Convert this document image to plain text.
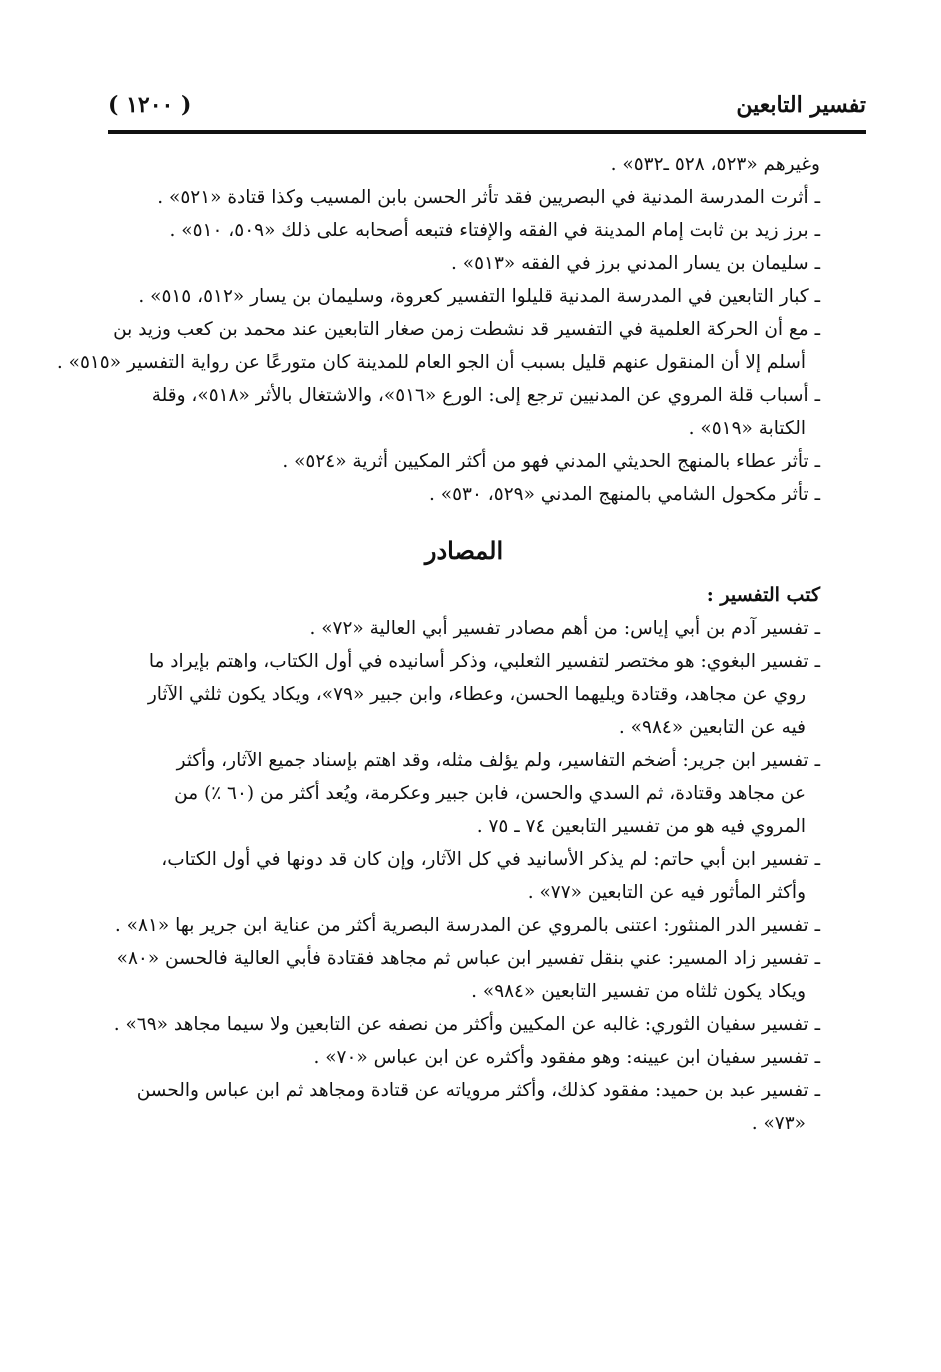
تفسير التابعين
( ١٢٠٠ )
وغيرهم «٥٢٣، ٥٢٨ ـ٥٣٢» .
ـ أثرت المدرسة المدنية في البصريين فقد تأثر الحسن بابن المسيب وكذا قتادة «٥٢١» .
ـ برز زيد بن ثابت إمام المدينة في الفقه والإفتاء فتبعه أصحابه على ذلك «٥٠٩، ٥١٠» .
ـ سليمان بن يسار المدني برز في الفقه «٥١٣» .
ـ كبار التابعين في المدرسة المدنية قليلوا التفسير كعروة، وسليمان بن يسار «٥١٢، ٥١٥» .
ـ مع أن الحركة العلمية في التفسير قد نشطت زمن صغار التابعين عند محمد بن كعب وزيد بن
أسلم إلا أن المنقول عنهم قليل بسبب أن الجو العام للمدينة كان متورعًا عن رواية التفسير «٥١٥» .
ـ أسباب قلة المروي عن المدنيين ترجع إلى: الورع «٥١٦»، والاشتغال بالأثر «٥١٨»، وقلة
الكتابة «٥١٩» .
ـ تأثر عطاء بالمنهج الحديثي المدني فهو من أكثر المكيين أثرية «٥٢٤» .
ـ تأثر مكحول الشامي بالمنهج المدني «٥٢٩، ٥٣٠» .
المصادر
كتب التفسير :
ـ تفسير آدم بن أبي إياس: من أهم مصادر تفسير أبي العالية «٧٢» .
ـ تفسير البغوي: هو مختصر لتفسير الثعلبي، وذكر أسانيده في أول الكتاب، واهتم بإيراد ما
روي عن مجاهد، وقتادة ويليهما الحسن، وعطاء، وابن جبير «٧٩»، ويكاد يكون ثلثي الآثار
فيه عن التابعين «٩٨٤» .
ـ تفسير ابن جرير: أضخم التفاسير، ولم يؤلف مثله، وقد اهتم بإسناد جميع الآثار، وأكثر
عن مجاهد وقتادة، ثم السدي والحسن، فابن جبير وعكرمة، ويُعد أكثر من (٦٠ ٪) من
المروي فيه هو من تفسير التابعين ٧٤ ـ ٧٥ .
ـ تفسير ابن أبي حاتم: لم يذكر الأسانيد في كل الآثار، وإن كان قد دونها في أول الكتاب،
وأكثر المأثور فيه عن التابعين «٧٧» .
ـ تفسير الدر المنثور: اعتنى بالمروي عن المدرسة البصرية أكثر من عناية ابن جرير بها «٨١» .
ـ تفسير زاد المسير: عني بنقل تفسير ابن عباس ثم مجاهد فقتادة فأبي العالية فالحسن «٨٠»
ويكاد يكون ثلثاه من تفسير التابعين «٩٨٤» .
ـ تفسير سفيان الثوري: غالبه عن المكيين وأكثر من نصفه عن التابعين ولا سيما مجاهد «٦٩» .
ـ تفسير سفيان ابن عيينه: وهو مفقود وأكثره عن ابن عباس «٧٠» .
ـ تفسير عبد بن حميد: مفقود كذلك، وأكثر مروياته عن قتادة ومجاهد ثم ابن عباس والحسن
«٧٣» .
